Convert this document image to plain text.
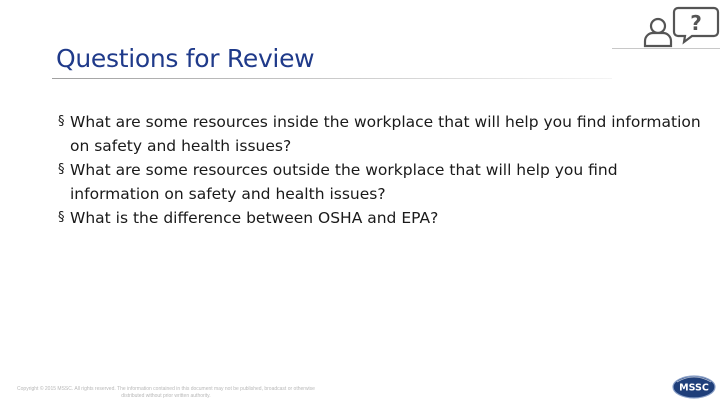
Questions for Review
?
§ What are some resources inside the workplace that will help you find information on safety and health issues?
§ What are some resources outside the workplace that will help you find information on safety and health issues?
§ What is the difference between OSHA and EPA?
Copyright © 2015 MSSC. All rights reserved. The information contained in this document may not be published, broadcast or otherwise distributed without prior written authority.
MSSC
